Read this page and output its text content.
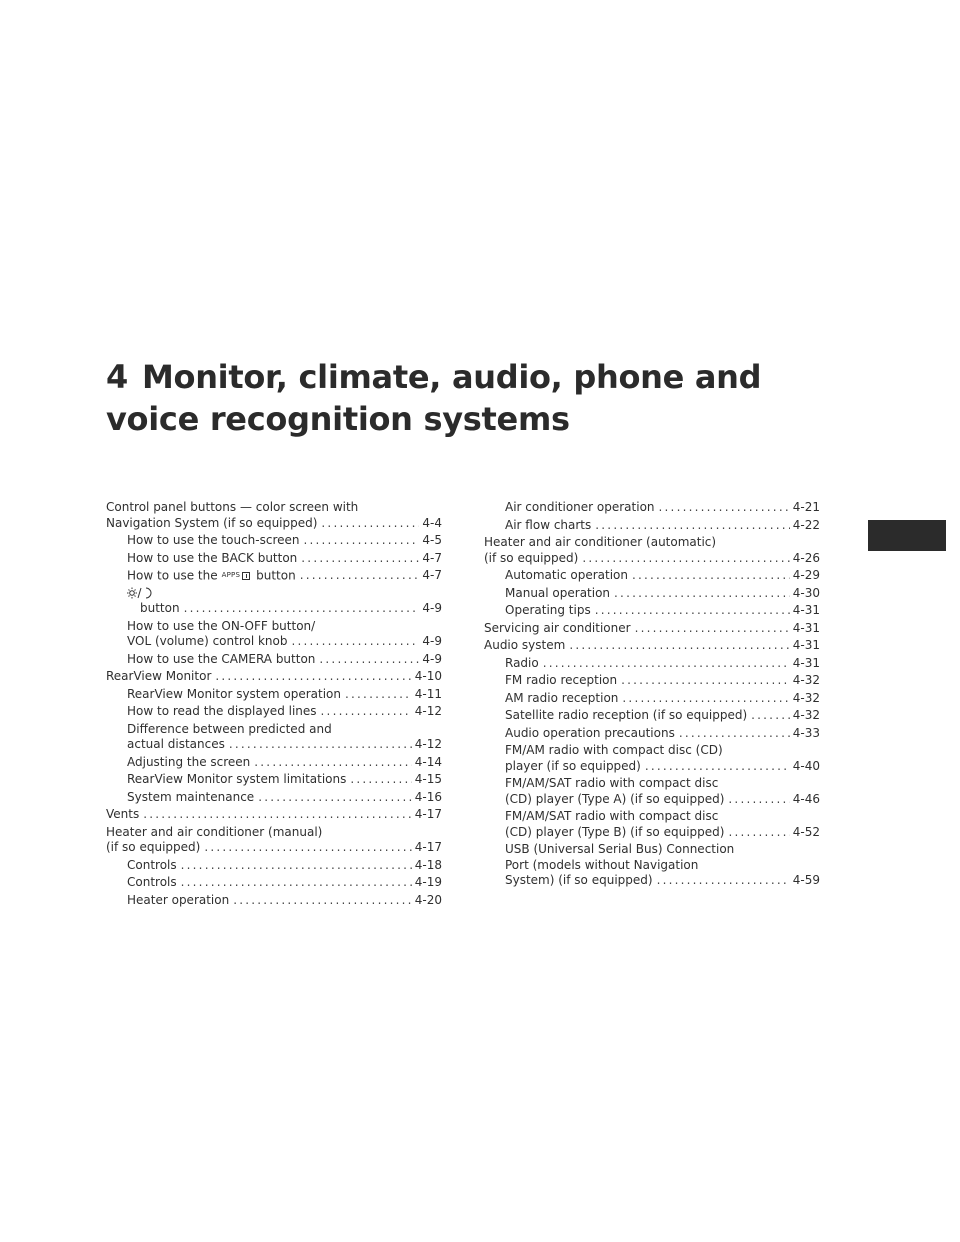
4 Monitor, climate, audio, phone and
voice recognition systems
Control panel buttons — color screen with
Navigation System (if so equipped) .....	4-4
How to use the touch-screen .....	4-5
How to use the BACK button .....	4-7
How to use the APPS button .....	4-7
button .....	4-9
How to use the ON-OFF button/
VOL (volume) control knob .....	4-9
How to use the CAMERA button .....	4-9
RearView Monitor .....	4-10
RearView Monitor system operation .....	4-11
How to read the displayed lines .....	4-12
Difference between predicted and
actual distances .....	4-12
Adjusting the screen .....	4-14
RearView Monitor system limitations .....	4-15
System maintenance .....	4-16
Vents .....	4-17
Heater and air conditioner (manual)
(if so equipped) .....	4-17
Controls .....	4-18
Controls .....	4-19
Heater operation .....	4-20
Air conditioner operation .....	4-21
Air flow charts .....	4-22
Heater and air conditioner (automatic)
(if so equipped) .....	4-26
Automatic operation .....	4-29
Manual operation .....	4-30
Operating tips .....	4-31
Servicing air conditioner .....	4-31
Audio system .....	4-31
Radio .....	4-31
FM radio reception .....	4-32
AM radio reception .....	4-32
Satellite radio reception (if so equipped) .....	4-32
Audio operation precautions .....	4-33
FM/AM radio with compact disc (CD)
player (if so equipped) .....	4-40
FM/AM/SAT radio with compact disc
(CD) player (Type A) (if so equipped) .....	4-46
FM/AM/SAT radio with compact disc
(CD) player (Type B) (if so equipped) .....	4-52
USB (Universal Serial Bus) Connection
Port (models without Navigation
System) (if so equipped) .....	4-59
